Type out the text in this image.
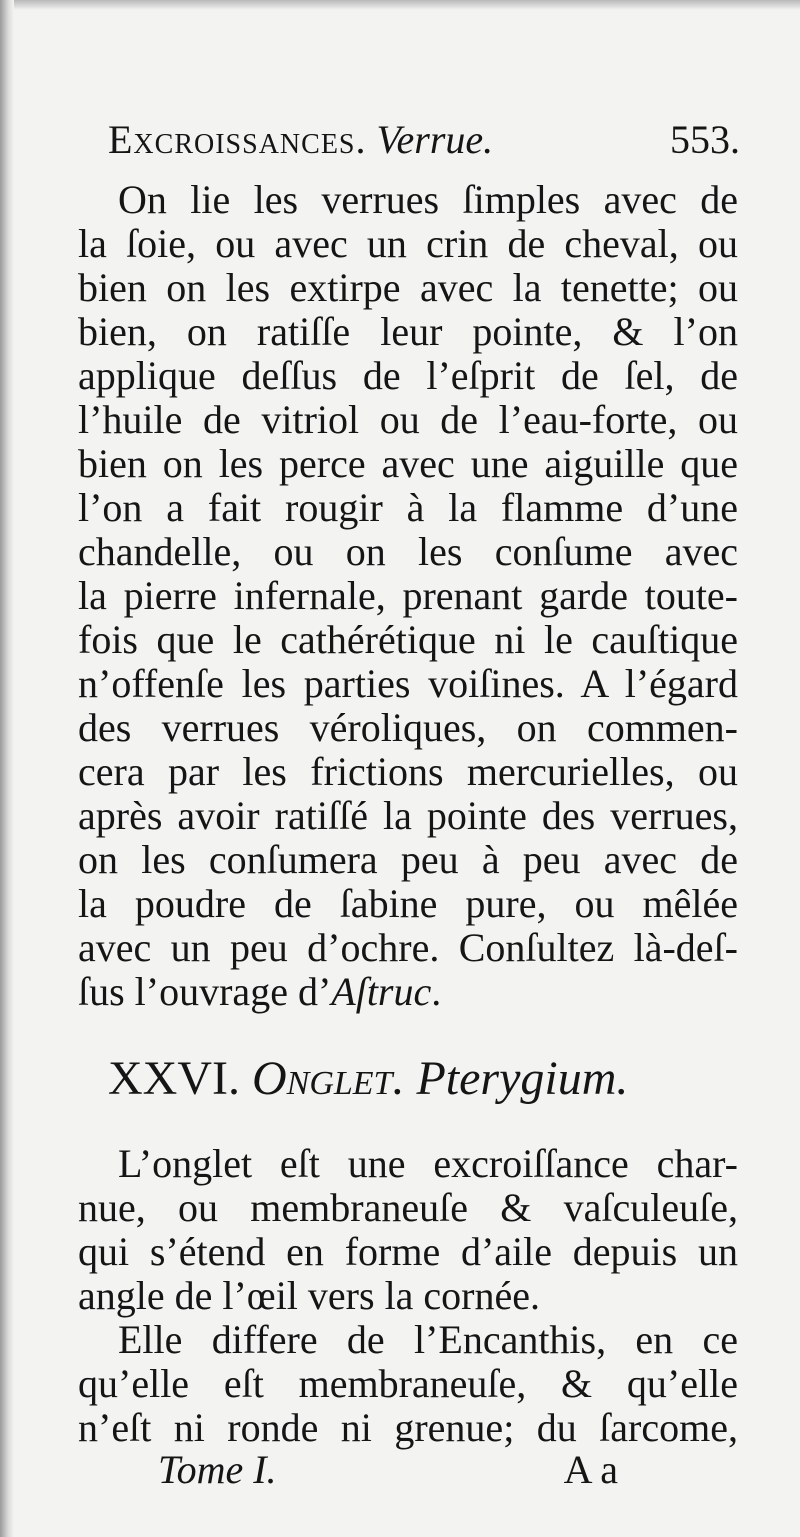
Excroissances. Verrue.	553.
On lie les verrues ſimples avec de
la ſoie, ou avec un crin de cheval, ou
bien on les extirpe avec la tenette; ou
bien, on ratiſſe leur pointe, & l’on
applique deſſus de l’eſprit de ſel, de
l’huile de vitriol ou de l’eau-forte, ou
bien on les perce avec une aiguille que
l’on a fait rougir à la flamme d’une
chandelle, ou on les conſume avec
la pierre infernale, prenant garde toute-
fois que le cathérétique ni le cauſtique
n’offenſe les parties voiſines. A l’égard
des verrues véroliques, on commen-
cera par les frictions mercurielles, ou
après avoir ratiſſé la pointe des verrues,
on les conſumera peu à peu avec de
la poudre de ſabine pure, ou mêlée
avec un peu d’ochre. Conſultez là-deſ-
ſus l’ouvrage d’Aſtruc.
XXVI. Onglet. Pterygium.
L’onglet eſt une excroiſſance char-
nue, ou membraneuſe & vaſculeuſe,
qui s’étend en forme d’aile depuis un
angle de l’œil vers la cornée.
Elle differe de l’Encanthis, en ce
qu’elle eſt membraneuſe, & qu’elle
n’eſt ni ronde ni grenue; du ſarcome,
Tome I.	A a
